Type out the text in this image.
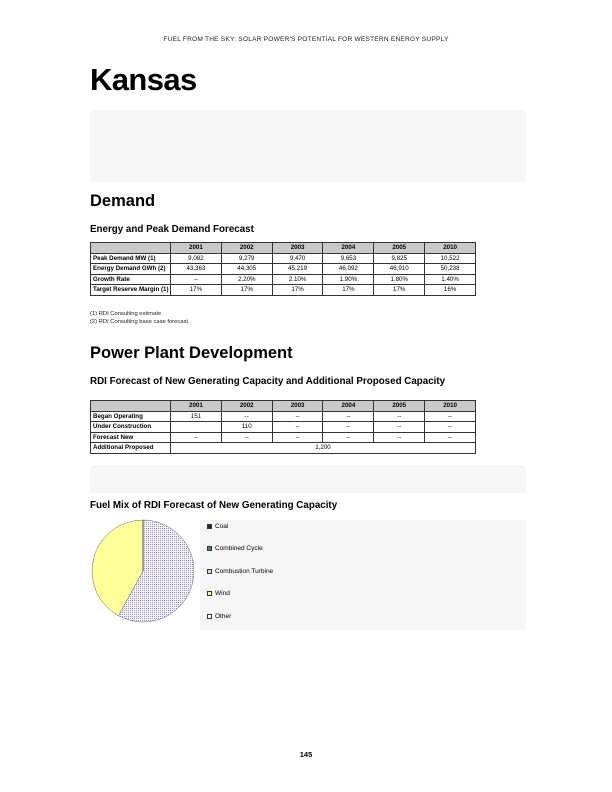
FUEL FROM THE SKY: SOLAR POWER'S POTENTIAL FOR WESTERN ENERGY SUPPLY
Kansas
Demand
Energy and Peak Demand Forecast
	2001	2002	2003	2004	2005	2010
Peak Demand MW (1)	9,082	9,279	9,470	9,653	9,825	10,522
Energy Demand GWh (2)	43,363	44,305	45,219	46,092	46,910	50,238
Growth Rate	--	2.20%	2.10%	1.90%	1.80%	1.40%
Target Reserve Margin (1)	17%	17%	17%	17%	17%	16%
(1) RDI Consulting estimate
(2) RDI Consulting base case forecast.
Power Plant Development
RDI Forecast of New Generating Capacity and Additional Proposed Capacity
	2001	2002	2003	2004	2005	2010
Began Operating	151	--	--	--	--	--
Under Construction		110	--	--	--	--
Forecast New	--	--	--	--	--	--
Additional Proposed	1,200					
Fuel Mix of RDI Forecast of New Generating Capacity
Coal
Combined Cycle
Combustion Turbine
Wind
Other
145
